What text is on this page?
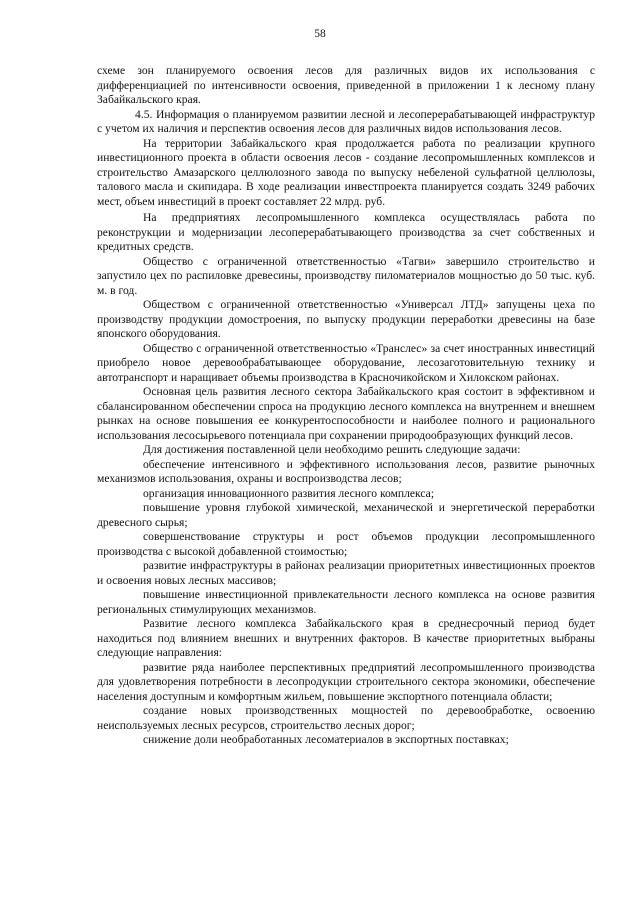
58

схеме зон планируемого освоения лесов для различных видов их использования с дифференциацией по интенсивности освоения, приведенной в приложении 1 к лесному плану Забайкальского края.

4.5. Информация о планируемом развитии лесной и лесоперерабатывающей инфраструктур с учетом их наличия и перспектив освоения лесов для различных видов использования лесов.

На территории Забайкальского края продолжается работа по реализации крупного инвестиционного проекта в области освоения лесов - создание лесопромышленных комплексов и строительство Амазарского целлюлозного завода по выпуску небеленой сульфатной целлюлозы, талового масла и скипидара. В ходе реализации инвестпроекта планируется создать 3249 рабочих мест, объем инвестиций в проект составляет 22 млрд. руб.

На предприятиях лесопромышленного комплекса осуществлялась работа по реконструкции и модернизации лесоперерабатывающего производства за счет собственных и кредитных средств.

Общество с ограниченной ответственностью «Тагви» завершило строительство и запустило цех по распиловке древесины, производству пиломатериалов мощностью до 50 тыс. куб. м. в год.

Обществом с ограниченной ответственностью «Универсал ЛТД» запущены цеха по производству продукции домостроения, по выпуску продукции переработки древесины на базе японского оборудования.

Общество с ограниченной ответственностью «Транслес» за счет иностранных инвестиций приобрело новое деревообрабатывающее оборудование, лесозаготовительную технику и автотранспорт и наращивает объемы производства в Красночикойском и Хилокском районах.

Основная цель развития лесного сектора Забайкальского края состоит в эффективном и сбалансированном обеспечении спроса на продукцию лесного комплекса на внутреннем и внешнем рынках на основе повышения ее конкурентоспособности и наиболее полного и рационального использования лесосырьевого потенциала при сохранении природообразующих функций лесов.

Для достижения поставленной цели необходимо решить следующие задачи:

обеспечение интенсивного и эффективного использования лесов, развитие рыночных механизмов использования, охраны и воспроизводства лесов;

организация инновационного развития лесного комплекса;

повышение уровня глубокой химической, механической и энергетической переработки древесного сырья;

совершенствование структуры и рост объемов продукции лесопромышленного производства с высокой добавленной стоимостью;

развитие инфраструктуры в районах реализации приоритетных инвестиционных проектов и освоения новых лесных массивов;

повышение инвестиционной привлекательности лесного комплекса на основе развития региональных стимулирующих механизмов.

Развитие лесного комплекса Забайкальского края в среднесрочный период будет находиться под влиянием внешних и внутренних факторов. В качестве приоритетных выбраны следующие направления:

развитие ряда наиболее перспективных предприятий лесопромышленного производства для удовлетворения потребности в лесопродукции строительного сектора экономики, обеспечение населения доступным и комфортным жильем, повышение экспортного потенциала области;

создание новых производственных мощностей по деревообработке, освоению неиспользуемых лесных ресурсов, строительство лесных дорог;

снижение доли необработанных лесоматериалов в экспортных поставках;
